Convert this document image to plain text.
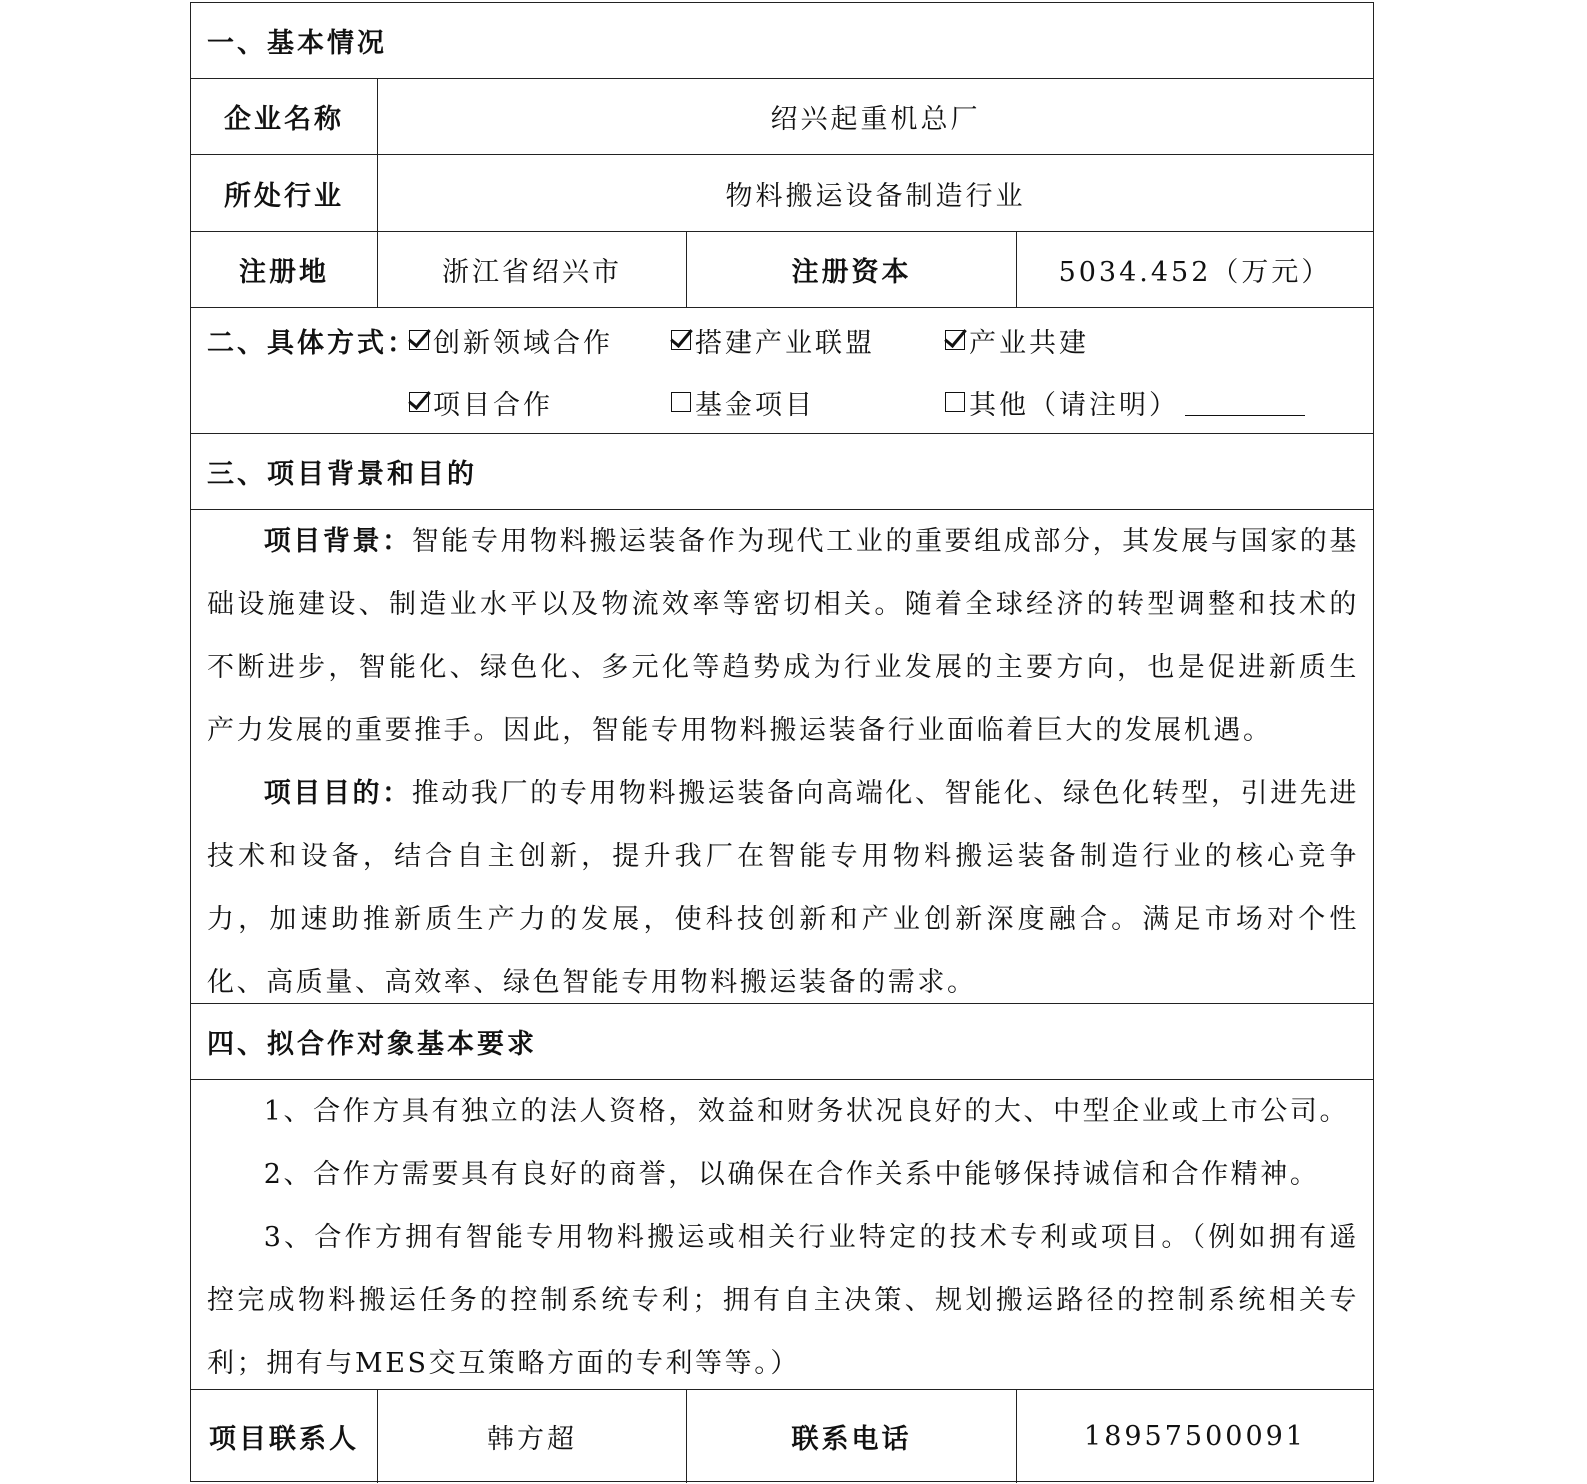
一、基本情况
企业名称	绍兴起重机总厂
所处行业	物料搬运设备制造行业
注册地	浙江省绍兴市	注册资本	5034.452（万元）
二、具体方式： 创新领域合作	搭建产业联盟	产业共建
项目合作	基金项目	其他（请注明）
三、项目背景和目的

项目背景：智能专用物料搬运装备作为现代工业的重要组成部分，其发展与国家的基础设施建设、制造业水平以及物流效率等密切相关。随着全球经济的转型调整和技术的不断进步，智能化、绿色化、多元化等趋势成为行业发展的主要方向，也是促进新质生产力发展的重要推手。因此，智能专用物料搬运装备行业面临着巨大的发展机遇。

项目目的：推动我厂的专用物料搬运装备向高端化、智能化、绿色化转型，引进先进技术和设备，结合自主创新，提升我厂在智能专用物料搬运装备制造行业的核心竞争力，加速助推新质生产力的发展，使科技创新和产业创新深度融合。满足市场对个性化、高质量、高效率、绿色智能专用物料搬运装备的需求。

四、拟合作对象基本要求

1、合作方具有独立的法人资格，效益和财务状况良好的大、中型企业或上市公司。

2、合作方需要具有良好的商誉，以确保在合作关系中能够保持诚信和合作精神。

3、合作方拥有智能专用物料搬运或相关行业特定的技术专利或项目。（例如拥有遥控完成物料搬运任务的控制系统专利；拥有自主决策、规划搬运路径的控制系统相关专利；拥有与MES交互策略方面的专利等等。）

项目联系人	韩方超	联系电话	18957500091
